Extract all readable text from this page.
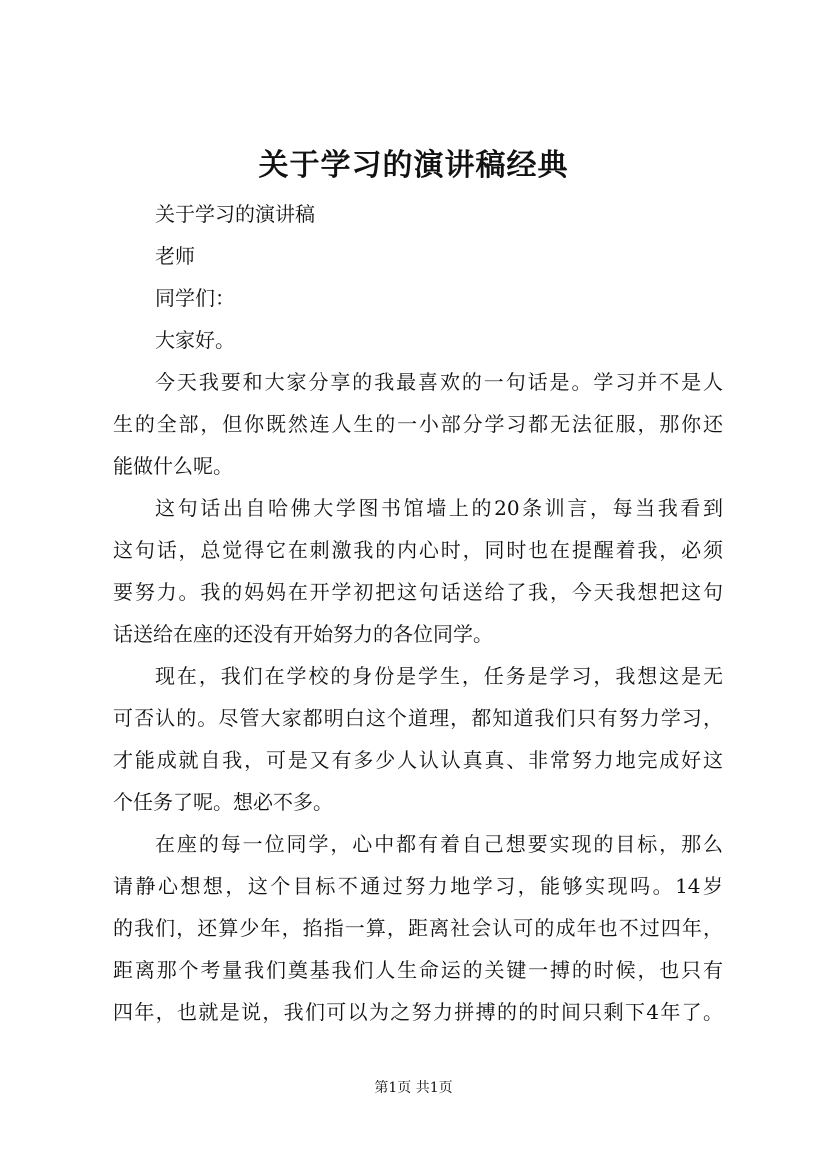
关于学习的演讲稿经典
关于学习的演讲稿
老师
同学们：
大家好。
今天我要和大家分享的我最喜欢的一句话是。学习并不是人
生的全部，但你既然连人生的一小部分学习都无法征服，那你还
能做什么呢。
这句话出自哈佛大学图书馆墙上的20条训言，每当我看到
这句话，总觉得它在刺激我的内心时，同时也在提醒着我，必须
要努力。我的妈妈在开学初把这句话送给了我，今天我想把这句
话送给在座的还没有开始努力的各位同学。
现在，我们在学校的身份是学生，任务是学习，我想这是无
可否认的。尽管大家都明白这个道理，都知道我们只有努力学习，
才能成就自我，可是又有多少人认认真真、非常努力地完成好这
个任务了呢。想必不多。
在座的每一位同学，心中都有着自己想要实现的目标，那么
请静心想想，这个目标不通过努力地学习，能够实现吗。14岁
的我们，还算少年，掐指一算，距离社会认可的成年也不过四年，
距离那个考量我们奠基我们人生命运的关键一搏的时候，也只有
四年，也就是说，我们可以为之努力拼搏的的时间只剩下4年了。
第1页 共1页
